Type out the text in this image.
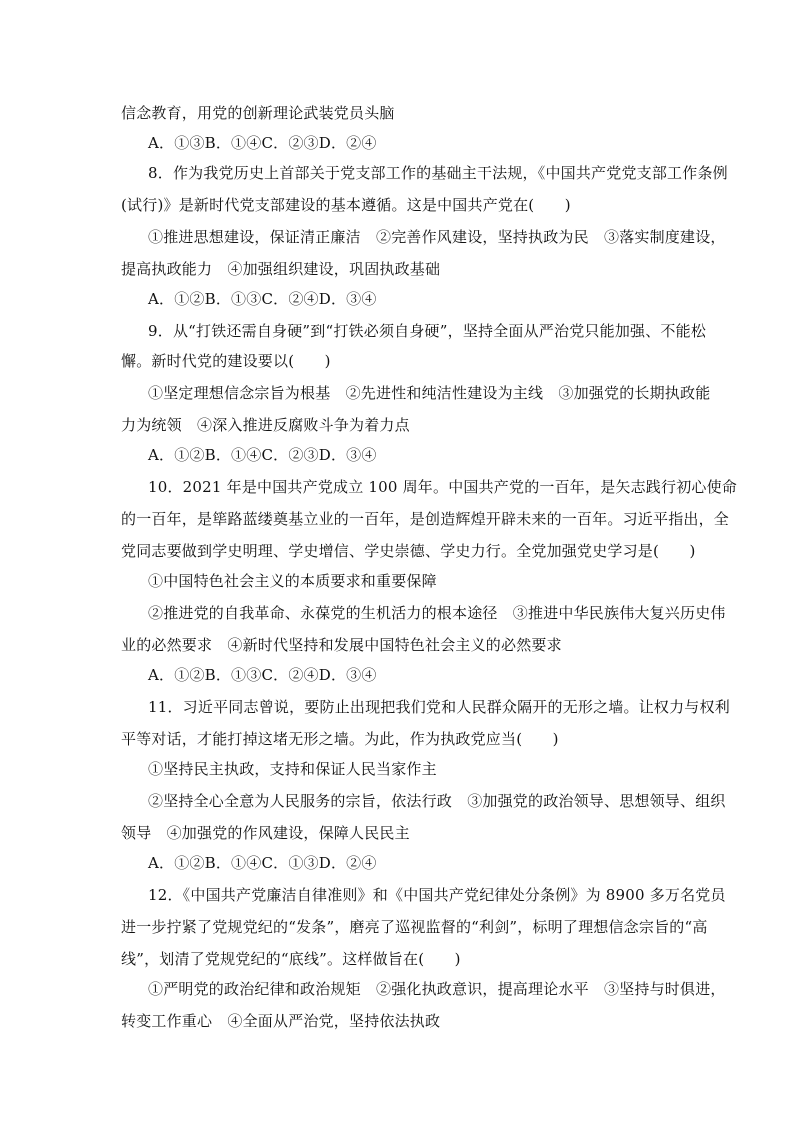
信念教育，用党的创新理论武装党员头脑
A．①③B．①④C．②③D．②④
8．作为我党历史上首部关于党支部工作的基础主干法规，《中国共产党党支部工作条例
(试行)》是新时代党支部建设的基本遵循。这是中国共产党在(　　)
①推进思想建设，保证清正廉洁　②完善作风建设，坚持执政为民　③落实制度建设，
提高执政能力　④加强组织建设，巩固执政基础
A．①②B．①③C．②④D．③④
9．从“打铁还需自身硬”到“打铁必须自身硬”，坚持全面从严治党只能加强、不能松
懈。新时代党的建设要以(　　)
①坚定理想信念宗旨为根基　②先进性和纯洁性建设为主线　③加强党的长期执政能
力为统领　④深入推进反腐败斗争为着力点
A．①②B．①④C．②③D．③④
10．2021 年是中国共产党成立 100 周年。中国共产党的一百年，是矢志践行初心使命
的一百年，是筚路蓝缕奠基立业的一百年，是创造辉煌开辟未来的一百年。习近平指出，全
党同志要做到学史明理、学史增信、学史崇德、学史力行。全党加强党史学习是(　　)
①中国特色社会主义的本质要求和重要保障
②推进党的自我革命、永葆党的生机活力的根本途径　③推进中华民族伟大复兴历史伟
业的必然要求　④新时代坚持和发展中国特色社会主义的必然要求
A．①②B．①③C．②④D．③④
11．习近平同志曾说，要防止出现把我们党和人民群众隔开的无形之墙。让权力与权利
平等对话，才能打掉这堵无形之墙。为此，作为执政党应当(　　)
①坚持民主执政，支持和保证人民当家作主
②坚持全心全意为人民服务的宗旨，依法行政　③加强党的政治领导、思想领导、组织
领导　④加强党的作风建设，保障人民民主
A．①②B．①④C．①③D．②④
12．《中国共产党廉洁自律准则》和《中国共产党纪律处分条例》为 8900 多万名党员
进一步拧紧了党规党纪的“发条”，磨亮了巡视监督的“利剑”，标明了理想信念宗旨的“高
线”，划清了党规党纪的“底线”。这样做旨在(　　)
①严明党的政治纪律和政治规矩　②强化执政意识，提高理论水平　③坚持与时俱进，
转变工作重心　④全面从严治党，坚持依法执政
